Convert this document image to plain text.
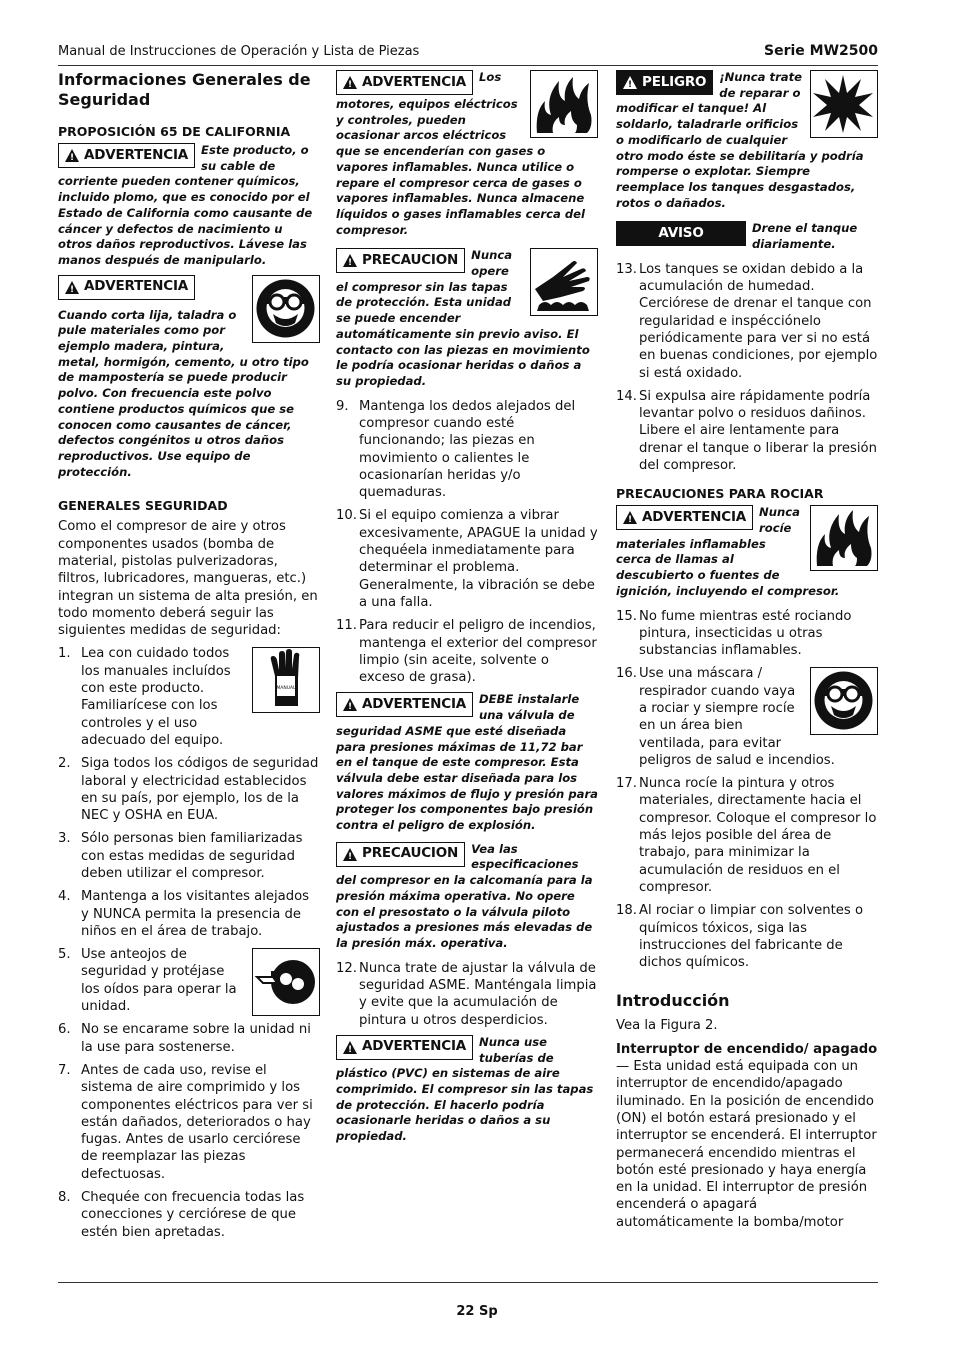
Manual de Instrucciones de Operación y Lista de Piezas	Serie MW2500
Informaciones Generales de Seguridad
PROPOSICIÓN 65 DE CALIFORNIA
!
ADVERTENCIA Este producto, o su cable de corriente pueden contener químicos, incluido plomo, que es conocido por el Estado de California como causante de cáncer y defectos de nacimiento u otros daños reproductivos. Lávese las manos después de manipularlo.
!
ADVERTENCIA

Cuando corta lija, taladra o pule materiales como por ejemplo madera, pintura, metal, hormigón, cemento, u otro tipo de mampostería se puede producir polvo. Con frecuencia este polvo contiene productos químicos que se conocen como causantes de cáncer, defectos congénitos u otros daños reproductivos. Use equipo de protección.
GENERALES SEGURIDAD

Como el compresor de aire y otros componentes usados (bomba de material, pistolas pulverizadoras, filtros, lubricadores, mangueras, etc.) integran un sistema de alta presión, en todo momento deberá seguir las siguientes medidas de seguridad:

1.
MANUAL
Lea con cuidado todos los manuales incluídos con este producto. Familiarícese con los controles y el uso adecuado del equipo.
2. Siga todos los códigos de seguridad laboral y electricidad establecidos en su país, por ejemplo, los de la NEC y OSHA en EUA.
3. Sólo personas bien familiarizadas con estas medidas de seguridad deben utilizar el compresor.
4. Mantenga a los visitantes alejados y NUNCA permita la presencia de niños en el área de trabajo.
5. Use anteojos de seguridad y protéjase los oídos para operar la unidad.
6. No se encarame sobre la unidad ni la use para sostenerse.
7. Antes de cada uso, revise el sistema de aire comprimido y los componentes eléctricos para ver si están dañados, deteriorados o hay fugas. Antes de usarlo cerciórese de reemplazar las piezas defectuosas.
8. Chequée con frecuencia todas las conecciones y cerciórese de que estén bien apretadas.
!
ADVERTENCIA Los motores, equipos eléctricos y controles, pueden ocasionar arcos eléctricos que se encenderían con gases o vapores inflamables. Nunca utilice o repare el compresor cerca de gases o vapores inflamables. Nunca almacene líquidos o gases inflamables cerca del compresor.
!
PRECAUCION Nunca opere el compresor sin las tapas de protección. Esta unidad se puede encender automáticamente sin previo aviso. El contacto con las piezas en movimiento le podría ocasionar heridas o daños a su propiedad.
9. Mantenga los dedos alejados del compresor cuando esté funcionando; las piezas en movimiento o calientes le ocasionarían heridas y/o quemaduras.
10. Si el equipo comienza a vibrar excesivamente, APAGUE la unidad y chequéela inmediatamente para determinar el problema. Generalmente, la vibración se debe a una falla.
11. Para reducir el peligro de incendios, mantenga el exterior del compresor limpio (sin aceite, solvente o exceso de grasa).
!
ADVERTENCIA DEBE instalarle una válvula de seguridad ASME que esté diseñada para presiones máximas de 11,72 bar en el tanque de este compresor. Esta válvula debe estar diseñada para los valores máximos de flujo y presión para proteger los componentes bajo presión contra el peligro de explosión.
!
PRECAUCION Vea las especificaciones del compresor en la calcomanía para la presión máxima operativa. No opere con el presostato o la válvula piloto ajustados a presiones más elevadas de la presión máx. operativa.
12. Nunca trate de ajustar la válvula de seguridad ASME. Manténgala limpia y evite que la acumulación de pintura u otros desperdicios.
!
ADVERTENCIA Nunca use tuberías de plástico (PVC) en sistemas de aire comprimido. El compresor sin las tapas de protección. El hacerlo podría ocasionarle heridas o daños a su propiedad.
!
PELIGRO ¡Nunca trate de reparar o modificar el tanque! Al soldarlo, taladrarle orificios o modificarlo de cualquier otro modo éste se debilitaría y podría romperse o explotar. Siempre reemplace los tanques desgastados, rotos o dañados.
AVISO	Drene el tanque diariamente.
13. Los tanques se oxidan debido a la acumulación de humedad. Cerciórese de drenar el tanque con regularidad e inspécciónelo periódicamente para ver si no está en buenas condiciones, por ejemplo si está oxidado.
14. Si expulsa aire rápidamente podría levantar polvo o residuos dañinos. Libere el aire lentamente para drenar el tanque o liberar la presión del compresor.
PRECAUCIONES PARA ROCIAR
!
ADVERTENCIA Nunca rocíe materiales inflamables cerca de llamas al descubierto o fuentes de ignición, incluyendo el compresor.
15. No fume mientras esté rociando pintura, insecticidas u otras substancias inflamables.
16. Use una máscara / respirador cuando vaya a rociar y siempre rocíe en un área bien ventilada, para evitar peligros de salud e incendios.
17. Nunca rocíe la pintura y otros materiales, directamente hacia el compresor. Coloque el compresor lo más lejos posible del área de trabajo, para minimizar la acumulación de residuos en el compresor.
18. Al rociar o limpiar con solventes o químicos tóxicos, siga las instrucciones del fabricante de dichos químicos.
Introducción

Vea la Figura 2.

Interruptor de encendido/ apagado — Esta unidad está equipada con un interruptor de encendido/apagado iluminado. En la posición de encendido (ON) el botón estará presionado y el interruptor se encenderá. El interruptor permanecerá encendido mientras el botón esté presionado y haya energía en la unidad. El interruptor de presión encenderá o apagará automáticamente la bomba/motor

22 Sp
